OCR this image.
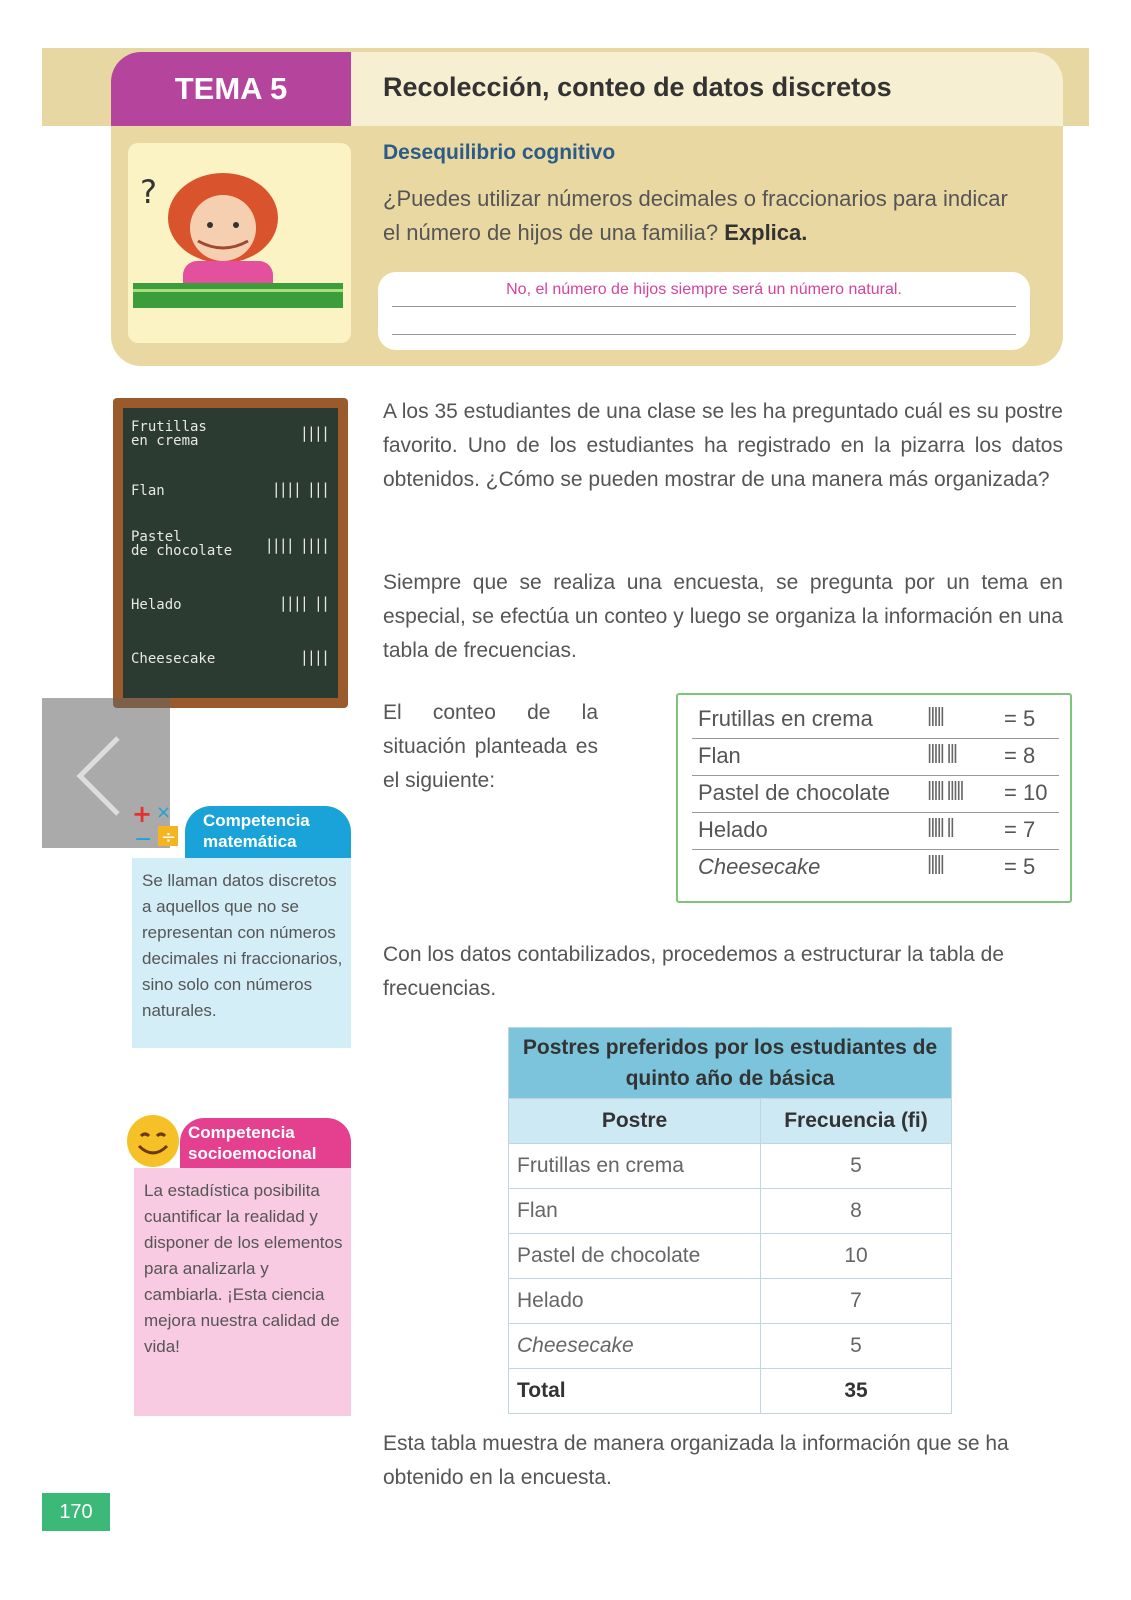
TEMA 5	Recolección, conteo de datos discretos
?
Desequilibrio cognitivo
¿Puedes utilizar números decimales o fraccionarios para indicar el número de hijos de una familia? Explica.
No, el número de hijos siempre será un número natural.
Frutillas
en crema	||||
Flan	|||| |||
Pastel
de chocolate |||| ||||
Helado	|||| ||
Cheesecake	||||
+ ×
− ÷
Competencia matemática
Se llaman datos discretos a aquellos que no se representan con números decimales ni fraccionarios, sino solo con números naturales.
Competencia socioemocional
La estadística posibilita cuantificar la realidad y disponer de los elementos para analizarla y cambiarla. ¡Esta ciencia mejora nuestra calidad de vida!
170
A los 35 estudiantes de una clase se les ha preguntado cuál es su postre favorito. Uno de los estudiantes ha registrado en la pizarra los datos obtenidos. ¿Cómo se pueden mostrar de una manera más organizada?
Siempre que se realiza una encuesta, se pregunta por un tema en especial, se efectúa un conteo y luego se organiza la información en una tabla de frecuencias.
El conteo de la situación planteada es el siguiente:
Frutillas en crema	|||||	= 5
Flan	||||| ||| = 8
Pastel de chocolate ||||| ||||| = 10
Helado	||||| || = 7
Cheesecake	|||||	= 5
Con los datos contabilizados, procedemos a estructurar la tabla de frecuencias.
Postres preferidos por los estudiantes de quinto año de básica	
Postre	Frecuencia (fi)
Frutillas en crema	5
Flan	8
Pastel de chocolate	10
Helado	7
Cheesecake	5
Total	35
Esta tabla muestra de manera organizada la información que se ha obtenido en la encuesta.
